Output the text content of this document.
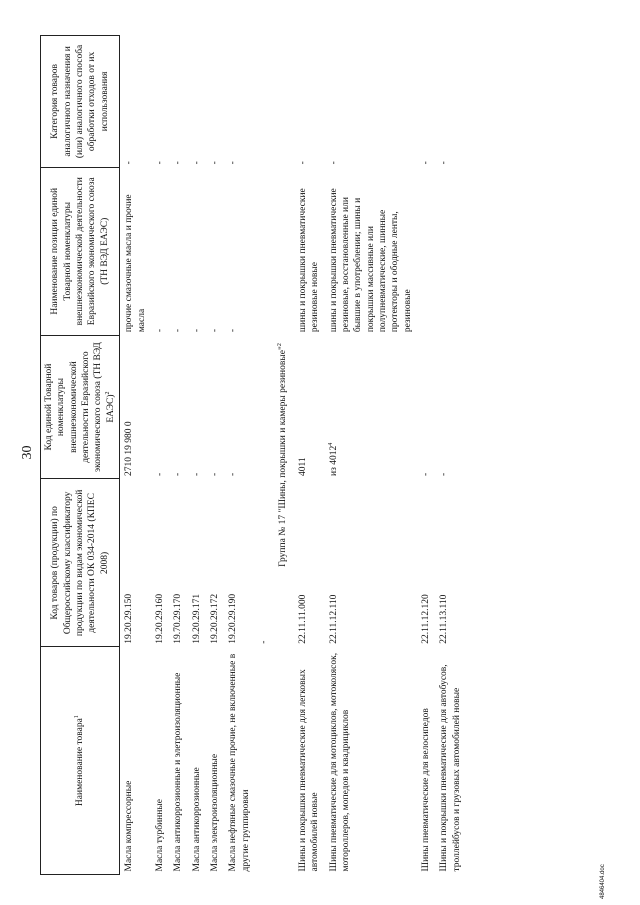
30
Наименование товара$^1$	Код товаров (продукции) по Общероссийскому классификатору продукции по видам экономической деятельности ОК 034-2014 (КПЕС 2008)	Код единой Товарной номенклатуры внешнеэкономической деятельности Евразийского экономического союза (ТН ВЭД ЕАЭС)$^2$	Наименование позиции единой Товарной номенклатуры внешнеэкономической деятельности Евразийского экономического союза (ТН ВЭД ЕАЭС)	Категория товаров аналогичного назначения и (или) аналогичного способа обработки отходов от их использования
Масла компрессорные	19.20.29.150	2710 19 980 0	прочие смазочные масла и прочие масла	-
Масла турбинные	19.20.29.160	-	-	-
Масла антикоррозионные и элетроизоляционные	19.70.29.170	-	-	-
Масла антикоррозионные	19.20.29.171	-	-	-
Масла электроизоляционные	19.20.29.172	-	-	-
Масла нефтяные смазочные прочие, не включенные в другие группировки	19.20.29.190	-	-	-
	-			
Группа № 17 "Шины, покрышки и камеры резиновые"$^2$
Шины и покрышки пневматические для легковых автомобилей новые	22.11.11.000	4011	шины и покрышки пневматические резиновые новые	-
Шины пневматические для мотоциклов, мотоколясок, мотороллеров, мопедов и квадрициклов	22.11.12.110	из 4012$^4$	шины и покрышки пневматические резиновые, восстановленные или бывшие в употреблении; шины и покрышки массивные или полупневматические, шинные протекторы и ободные ленты, резиновые	-
Шины пневматические для велосипедов	22.11.12.120	-		-
Шины и покрышки пневматические для автобусов, троллейбусов и грузовых автомобилей новые	22.11.13.110	-		-
4846404.doc
